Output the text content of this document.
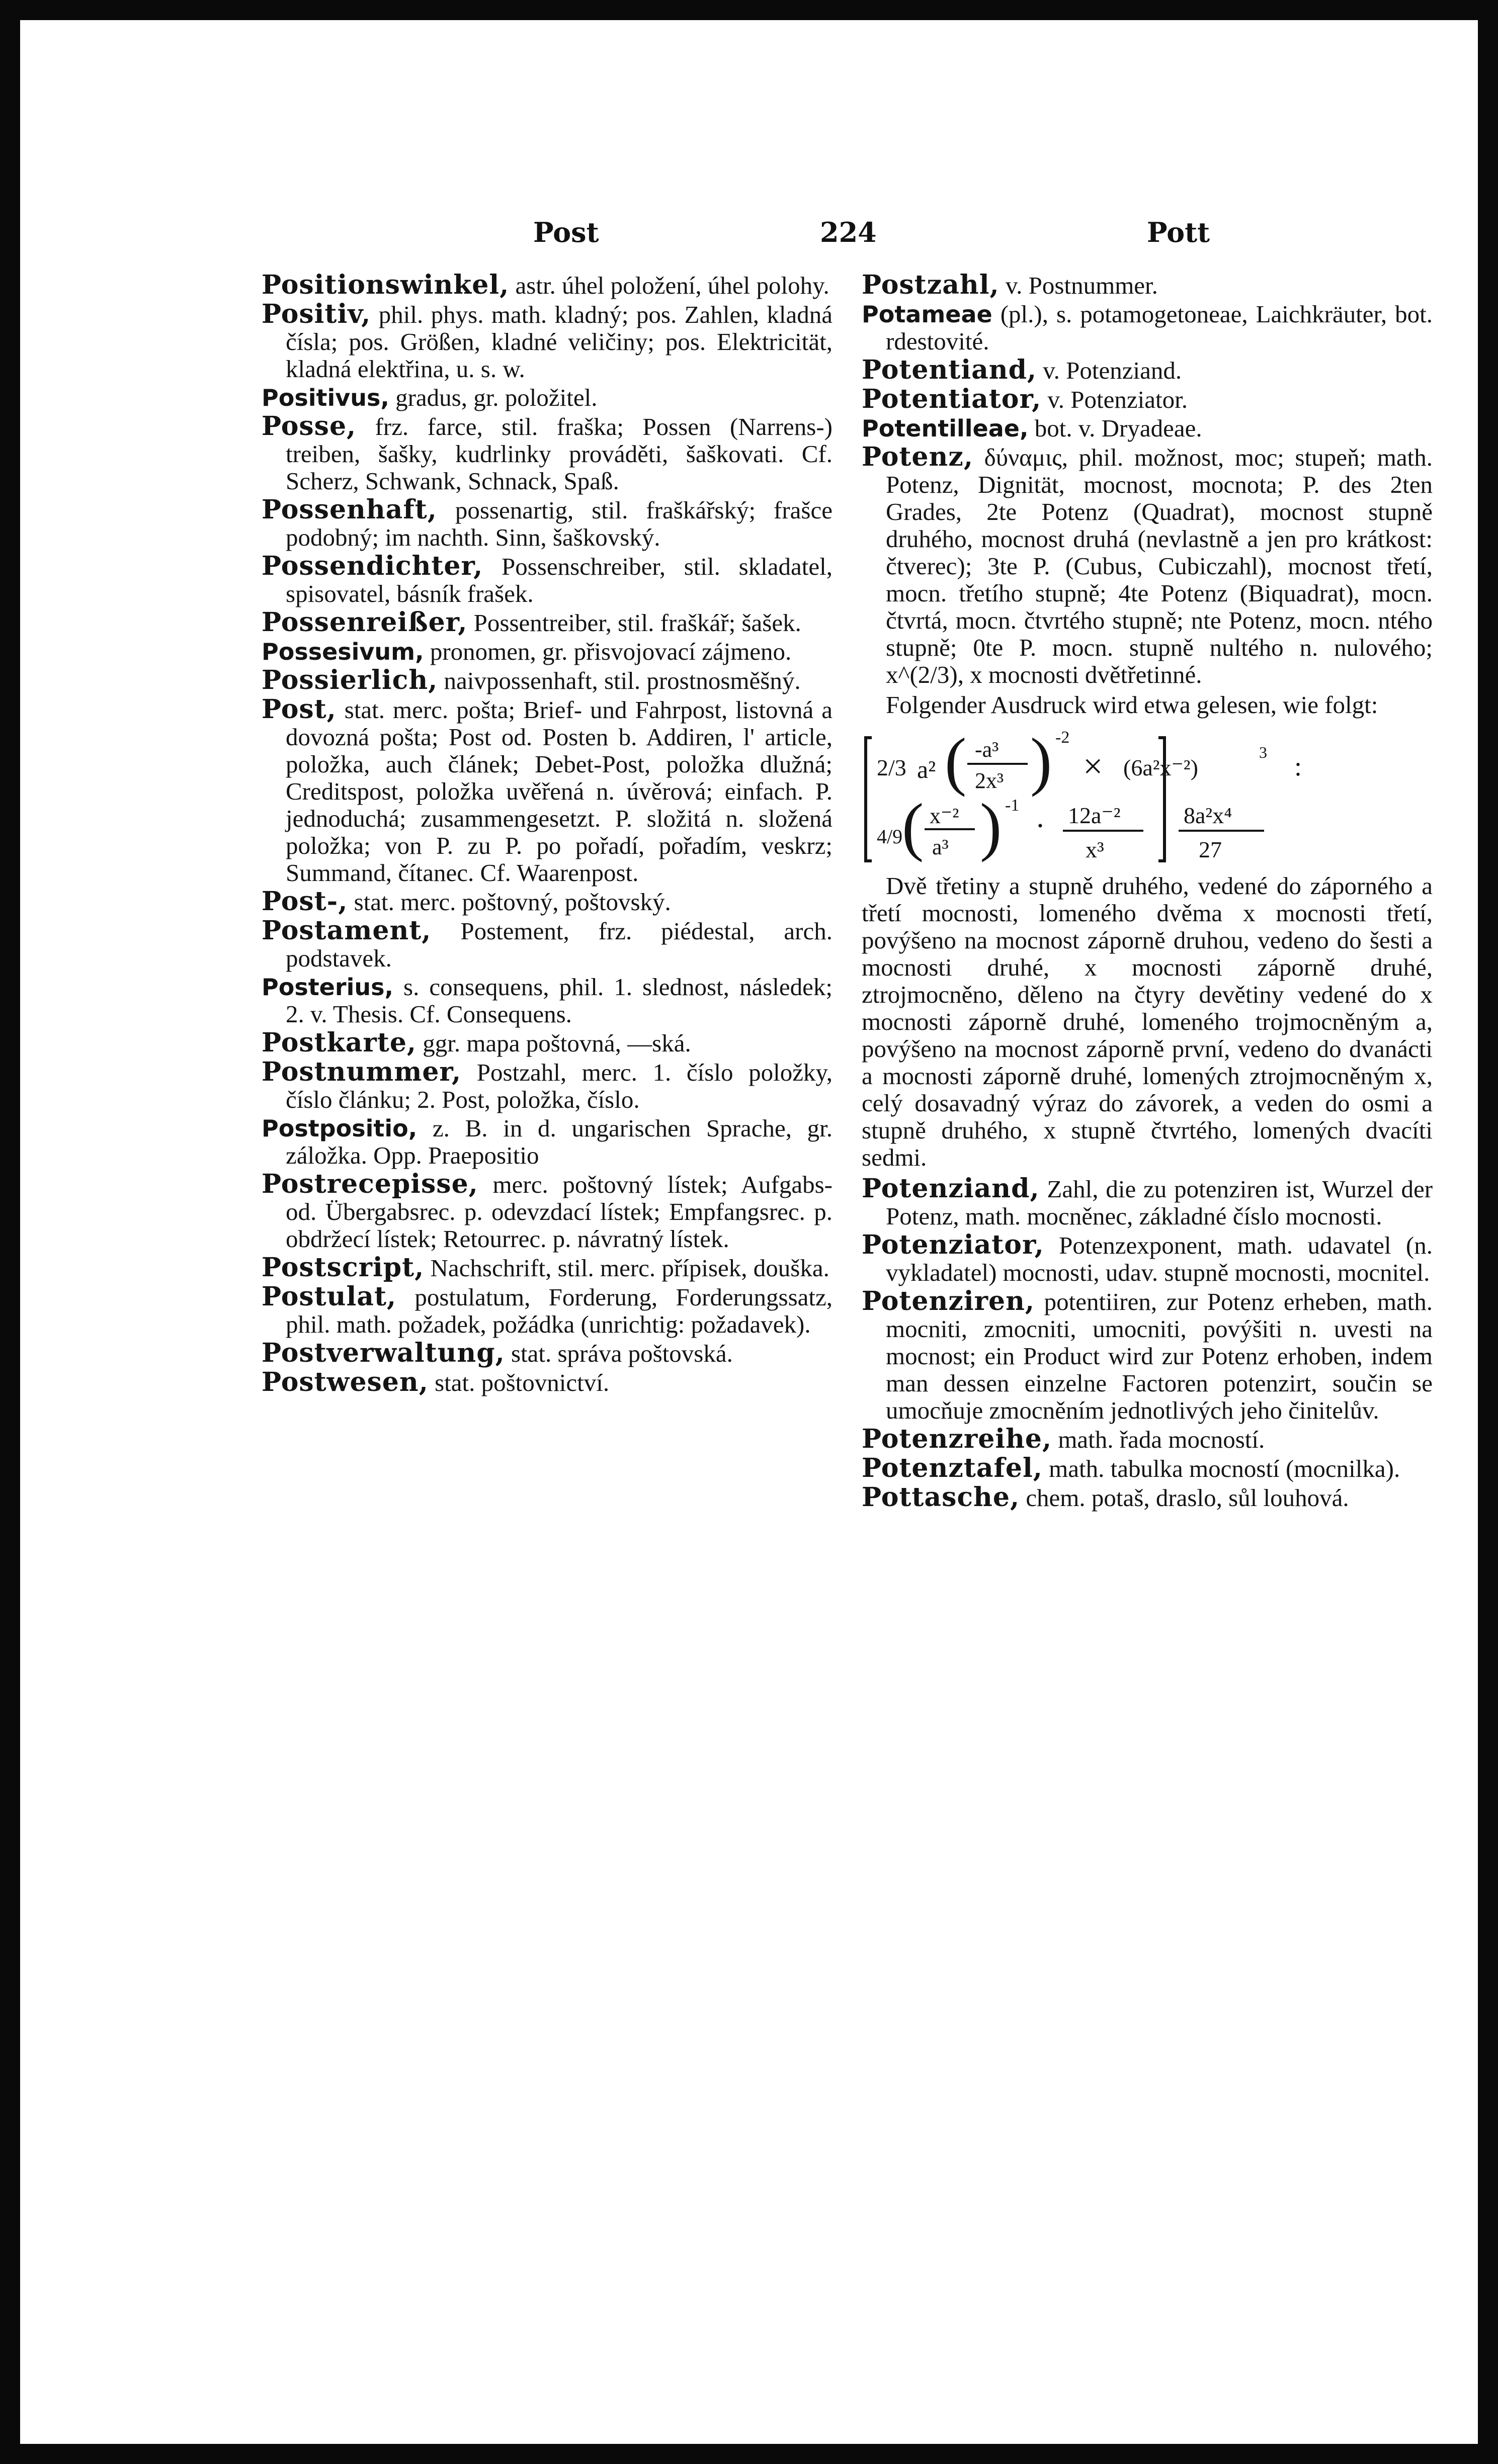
Post	224	Pott

Positionswinkel, astr. úhel položení, úhel polohy.

Positiv, phil. phys. math. kladný; pos. Zahlen, kladná čísla; pos. Größen, kladné veličiny; pos. Elektricität, kladná elektřina, u. s. w.

Positivus, gradus, gr. položitel.

Posse, frz. farce, stil. fraška; Possen (Narrens-) treiben, šašky, kudrlinky prováděti, šaškovati. Cf. Scherz, Schwank, Schnack, Spaß.

Possenhaft, possenartig, stil. fraškářský; frašce podobný; im nachth. Sinn, šaškovský.

Possendichter, Possenschreiber, stil. skladatel, spisovatel, básník frašek.

Possenreißer, Possentreiber, stil. fraškář; šašek.

Possesivum, pronomen, gr. přisvojovací zájmeno.

Possierlich, naivpossenhaft, stil. prostnosměšný.

Post, stat. merc. pošta; Brief- und Fahrpost, listovná a dovozná pošta; Post od. Posten b. Addiren, l' article, položka, auch článek; Debet-Post, položka dlužná; Creditspost, položka uvěřená n. úvěrová; einfach. P. jednoduchá; zusammengesetzt. P. složitá n. složená položka; von P. zu P. po pořadí, pořadím, veskrz; Summand, čítanec. Cf. Waarenpost.

Post-, stat. merc. poštovný, poštovský.

Postament, Postement, frz. piédestal, arch. podstavek.

Posterius, s. consequens, phil. 1. slednost, následek; 2. v. Thesis. Cf. Consequens.

Postkarte, ggr. mapa poštovná, —ská.

Postnummer, Postzahl, merc. 1. číslo položky, číslo článku; 2. Post, položka, číslo.

Postpositio, z. B. in d. ungarischen Sprache, gr. záložka. Opp. Praepositio

Postrecepisse, merc. poštovný lístek; Aufgabs- od. Übergabsrec. p. odevzdací lístek; Empfangsrec. p. obdržecí lístek; Retourrec. p. návratný lístek.

Postscript, Nachschrift, stil. merc. přípisek, douška.

Postulat, postulatum, Forderung, Forderungssatz, phil. math. požadek, požádka (unrichtig: požadavek).

Postverwaltung, stat. správa poštovská.

Postwesen, stat. poštovnictví.

Postzahl, v. Postnummer.

Potameae (pl.), s. potamogetoneae, Laichkräuter, bot. rdestovité.

Potentiand, v. Potenziand.

Potentiator, v. Potenziator.

Potentilleae, bot. v. Dryadeae.

Potenz, δύναμις, phil. možnost, moc; stupeň; math. Potenz, Dignität, mocnost, mocnota; P. des 2ten Grades, 2te Potenz (Quadrat), mocnost stupně druhého, mocnost druhá (nevlastně a jen pro krátkost: čtverec); 3te P. (Cubus, Cubiczahl), mocnost třetí, mocn. třetího stupně; 4te Potenz (Biquadrat), mocn. čtvrtá, mocn. čtvrtého stupně; nte Potenz, mocn. ntého stupně; 0te P. mocn. stupně nultého n. nulového; x^(2/3), x mocnosti dvětřetinné.

Folgender Ausdruck wird etwa gelesen, wie folgt:

2/3 a² ( -a³
2x³ ) -2
× (6a²x⁻²)
3 :
4/9
( x⁻²
a³ ) -1
· 12a⁻²
x³
8a²x⁴
27

Dvě třetiny a stupně druhého, vedené do záporného a třetí mocnosti, lomeného dvěma x mocnosti třetí, povýšeno na mocnost zápornĕ druhou, vedeno do šesti a mocnosti druhé, x mocnosti záporně druhé, ztrojmocněno, děleno na čtyry devětiny vedené do x mocnosti záporně druhé, lomeného trojmocněným a, povýšeno na mocnost záporně první, vedeno do dvanácti a mocnosti záporně druhé, lomených ztrojmocněným x, celý dosavadný výraz do závorek, a veden do osmi a stupně druhého, x stupně čtvrtého, lomených dvacíti sedmi.

Potenziand, Zahl, die zu potenziren ist, Wurzel der Potenz, math. mocněnec, základné číslo mocnosti.

Potenziator, Potenzexponent, math. udavatel (n. vykladatel) mocnosti, udav. stupně mocnosti, mocnitel.

Potenziren, potentiiren, zur Potenz erheben, math. mocniti, zmocniti, umocniti, povýšiti n. uvesti na mocnost; ein Product wird zur Potenz erhoben, indem man dessen einzelne Factoren potenzirt, součin se umocňuje zmocněním jednotlivých jeho činitelův.

Potenzreihe, math. řada mocností.

Potenztafel, math. tabulka mocností (mocnilka).

Pottasche, chem. potaš, draslo, sůl louhová.
